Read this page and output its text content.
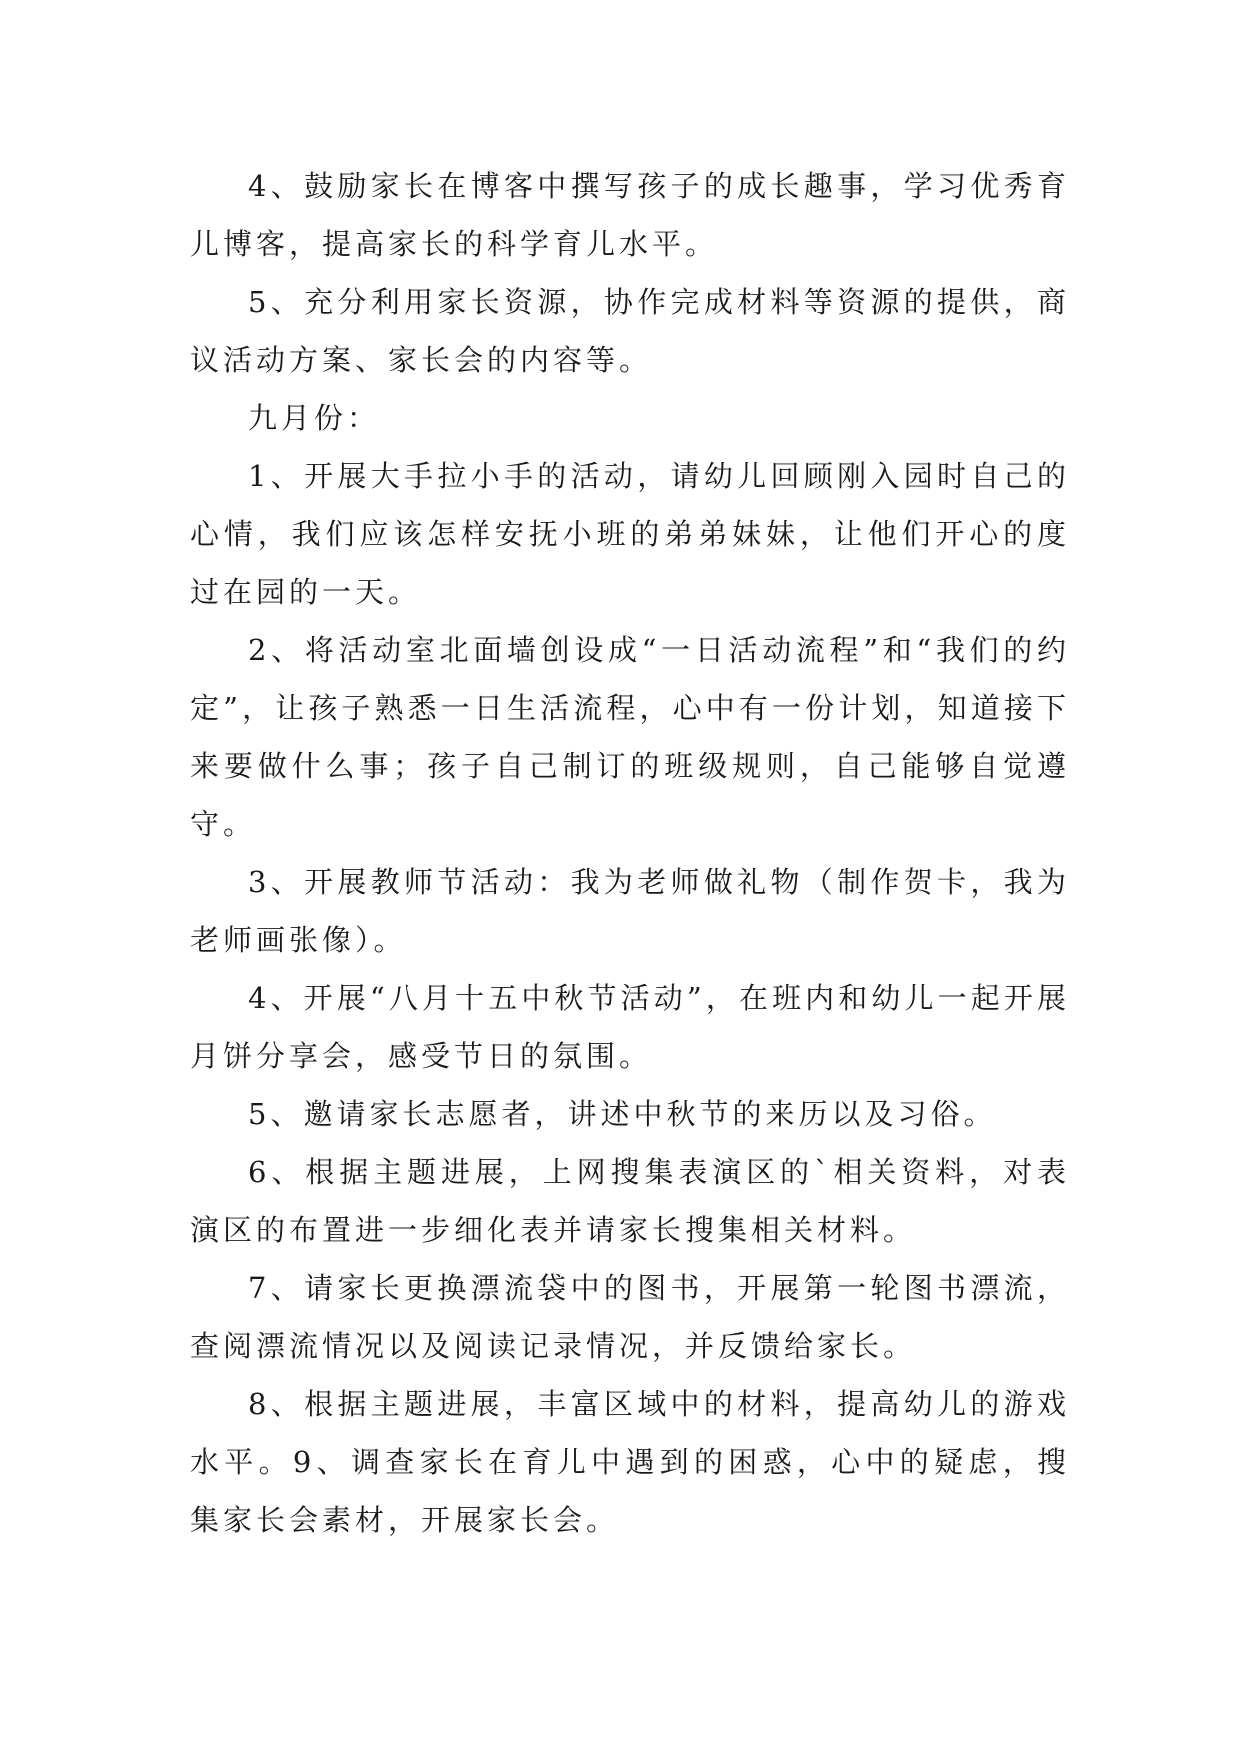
4、鼓励家长在博客中撰写孩子的成长趣事，学习优秀育儿博客，提高家长的科学育儿水平。

5、充分利用家长资源，协作完成材料等资源的提供，商议活动方案、家长会的内容等。

九月份：

1、开展大手拉小手的活动，请幼儿回顾刚入园时自己的心情，我们应该怎样安抚小班的弟弟妹妹，让他们开心的度过在园的一天。

2、将活动室北面墙创设成“一日活动流程”和“我们的约定”，让孩子熟悉一日生活流程，心中有一份计划，知道接下来要做什么事；孩子自己制订的班级规则，自己能够自觉遵守。

3、开展教师节活动：我为老师做礼物（制作贺卡，我为老师画张像）。

4、开展“八月十五中秋节活动”，在班内和幼儿一起开展月饼分享会，感受节日的氛围。

5、邀请家长志愿者，讲述中秋节的来历以及习俗。

6、根据主题进展，上网搜集表演区的`相关资料，对表演区的布置进一步细化表并请家长搜集相关材料。

7、请家长更换漂流袋中的图书，开展第一轮图书漂流，查阅漂流情况以及阅读记录情况，并反馈给家长。

8、根据主题进展，丰富区域中的材料，提高幼儿的游戏水平。9、调查家长在育儿中遇到的困惑，心中的疑虑，搜集家长会素材，开展家长会。
